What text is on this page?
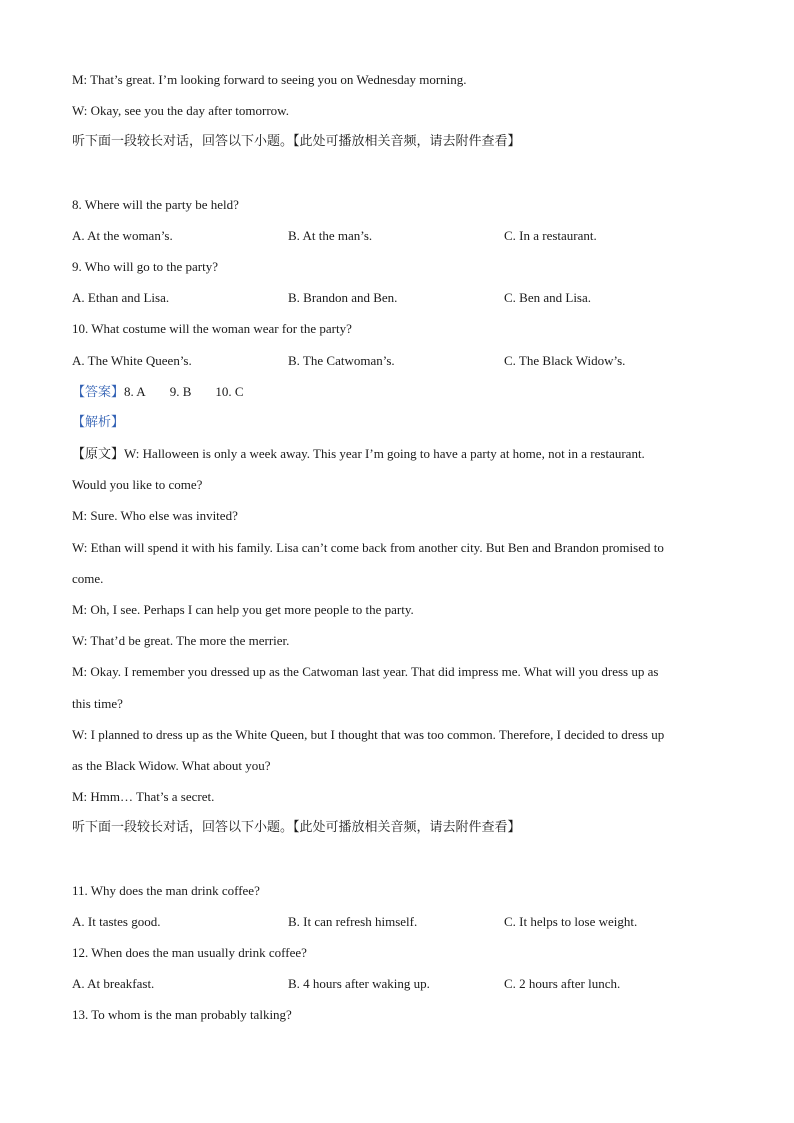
M: That’s great. I’m looking forward to seeing you on Wednesday morning.
W: Okay, see you the day after tomorrow.
听下面一段较长对话，回答以下小题。【此处可播放相关音频，请去附件查看】
8. Where will the party be held?
A. At the woman’s.	B. At the man’s.	C. In a restaurant.
9. Who will go to the party?
A. Ethan and Lisa.	B. Brandon and Ben.	C. Ben and Lisa.
10. What costume will the woman wear for the party?
A. The White Queen’s.	B. The Catwoman’s.	C. The Black Widow’s.
【答案】8. A 9. B 10. C
【解析】
【原文】W: Halloween is only a week away. This year I’m going to have a party at home, not in a restaurant.
Would you like to come?
M: Sure. Who else was invited?
W: Ethan will spend it with his family. Lisa can’t come back from another city. But Ben and Brandon promised to
come.
M: Oh, I see. Perhaps I can help you get more people to the party.
W: That’d be great. The more the merrier.
M: Okay. I remember you dressed up as the Catwoman last year. That did impress me. What will you dress up as
this time?
W: I planned to dress up as the White Queen, but I thought that was too common. Therefore, I decided to dress up
as the Black Widow. What about you?
M: Hmm… That’s a secret.
听下面一段较长对话，回答以下小题。【此处可播放相关音频，请去附件查看】
11. Why does the man drink coffee?
A. It tastes good.	B. It can refresh himself.	C. It helps to lose weight.
12. When does the man usually drink coffee?
A. At breakfast.	B. 4 hours after waking up.	C. 2 hours after lunch.
13. To whom is the man probably talking?
